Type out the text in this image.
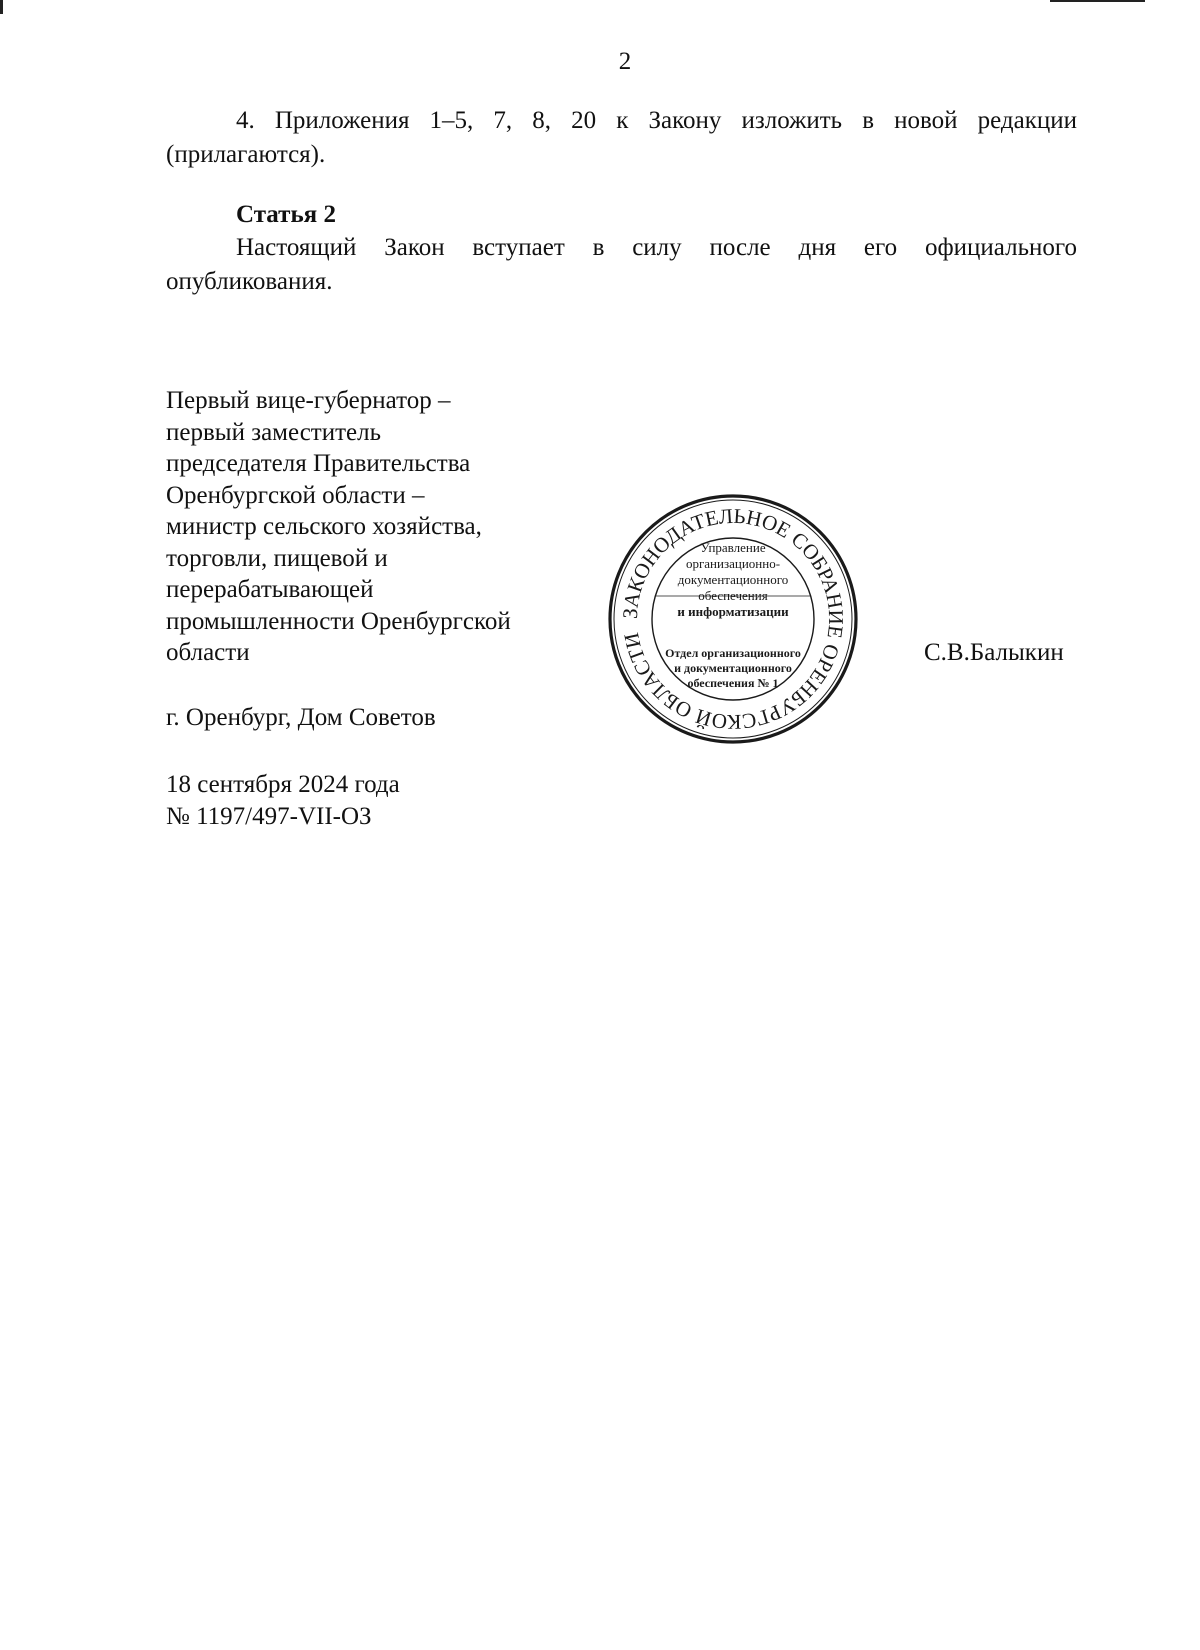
2
4. Приложения 1–5, 7, 8, 20 к Закону изложить в новой редакции (прилагаются).
Статья 2
Настоящий Закон вступает в силу после дня его официального опубликования.
Первый вице-губернатор –
первый заместитель
председателя Правительства
Оренбургской области –
министр сельского хозяйства,
торговли, пищевой и
перерабатывающей
промышленности Оренбургской
области	С.В.Балыкин
г. Оренбург, Дом Советов
18 сентября 2024 года
№ 1197/497-VII-ОЗ
ЗАКОНОДАТЕЛЬНОЕ СОБРАНИЕ ОРЕНБУРГСКОЙ ОБЛАСТИ
Управление
организационно-
документационного
обеспечения
и информатизации
Отдел организационного
и документационного
обеспечения № 1
